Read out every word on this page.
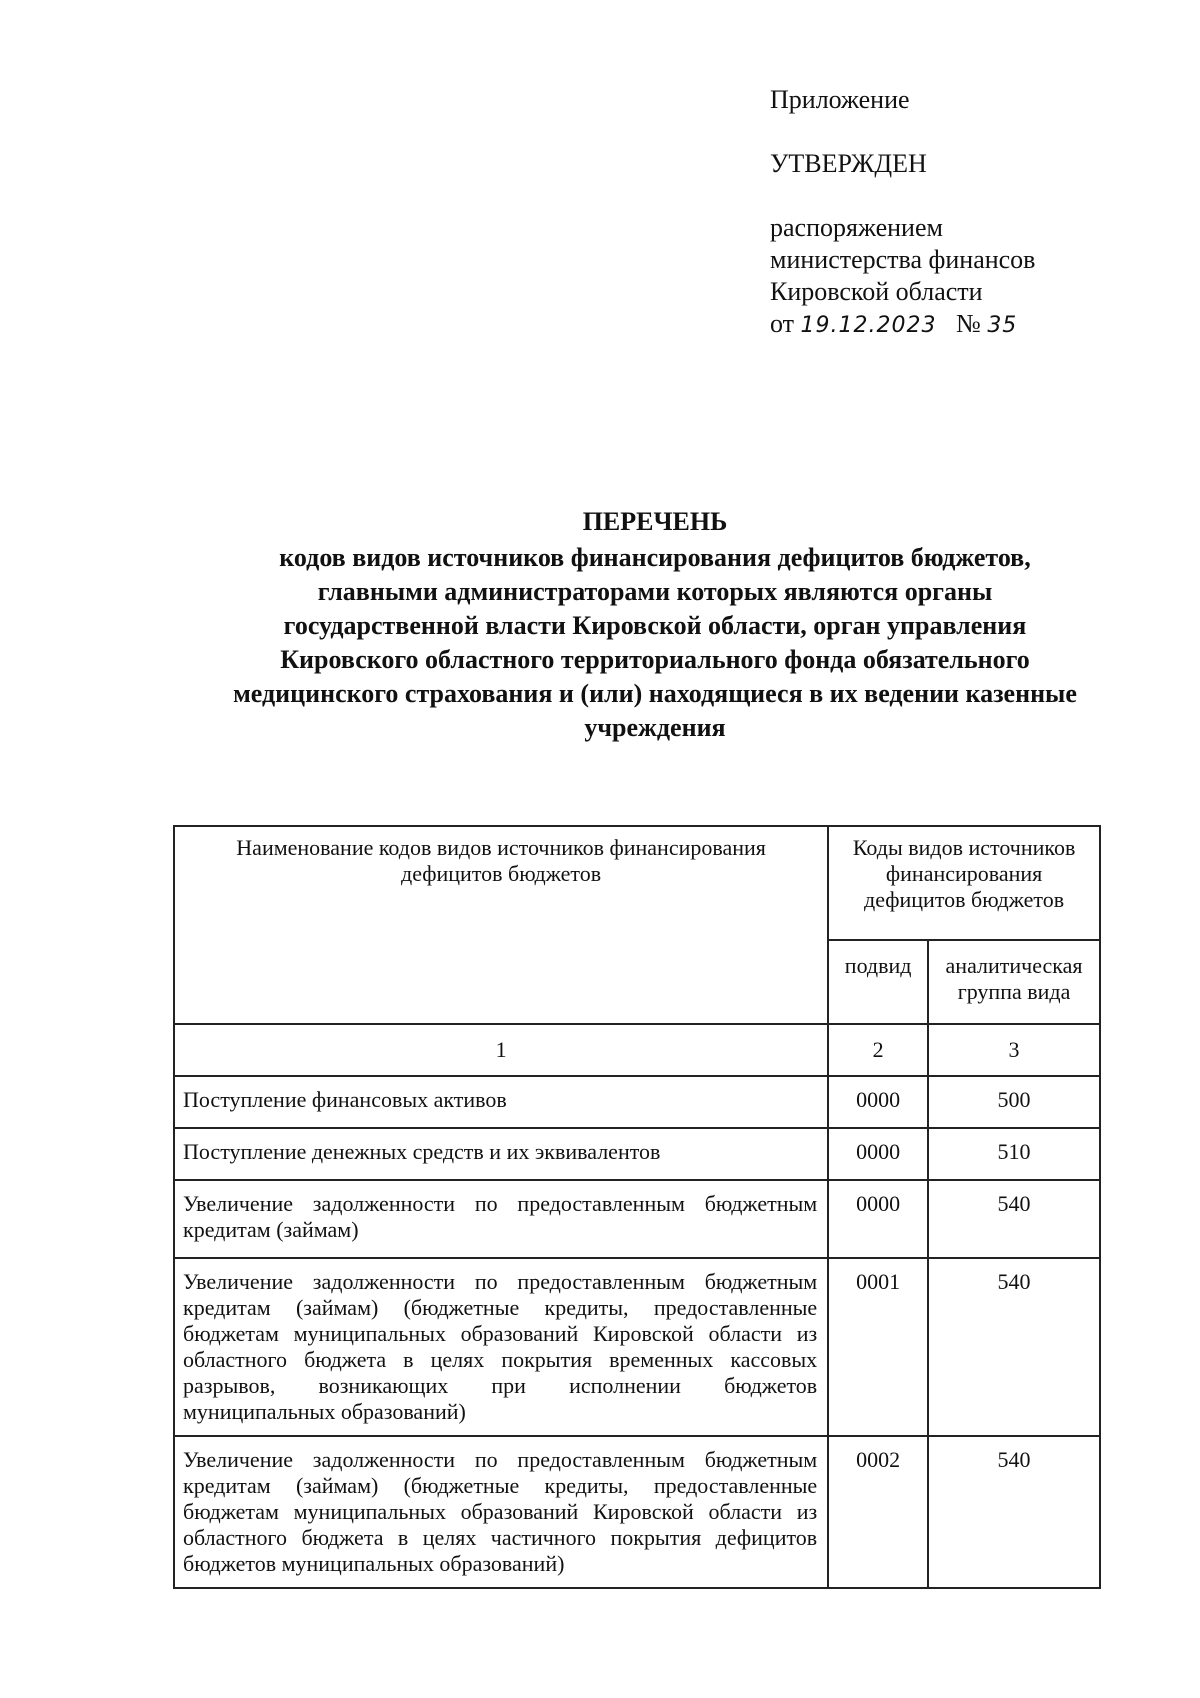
Приложение
УТВЕРЖДЕН
распоряжением
министерства финансов
Кировской области
от 19.12.2023 № 35
ПЕРЕЧЕНЬ
кодов видов источников финансирования дефицитов бюджетов,
главными администраторами которых являются органы
государственной власти Кировской области, орган управления
Кировского областного территориального фонда обязательного
медицинского страхования и (или) находящиеся в их ведении казенные
учреждения
Наименование кодов видов источников финансирования дефицитов бюджетов	Коды видов источников финансирования дефицитов бюджетов	
	подвид	аналитическая группа вида
1	2	3
Поступление финансовых активов	0000	500
Поступление денежных средств и их эквивалентов	0000	510
Увеличение задолженности по предоставленным бюджетным кредитам (займам)	0000	540
Увеличение задолженности по предоставленным бюджетным кредитам (займам) (бюджетные кредиты, предоставленные бюджетам муниципальных образований Кировской области из областного бюджета в целях покрытия временных кассовых разрывов, возникающих при исполнении бюджетов муниципальных образований)	0001	540
Увеличение задолженности по предоставленным бюджетным кредитам (займам) (бюджетные кредиты, предоставленные бюджетам муниципальных образований Кировской области из областного бюджета в целях частичного покрытия дефицитов бюджетов муниципальных образований)	0002	540
